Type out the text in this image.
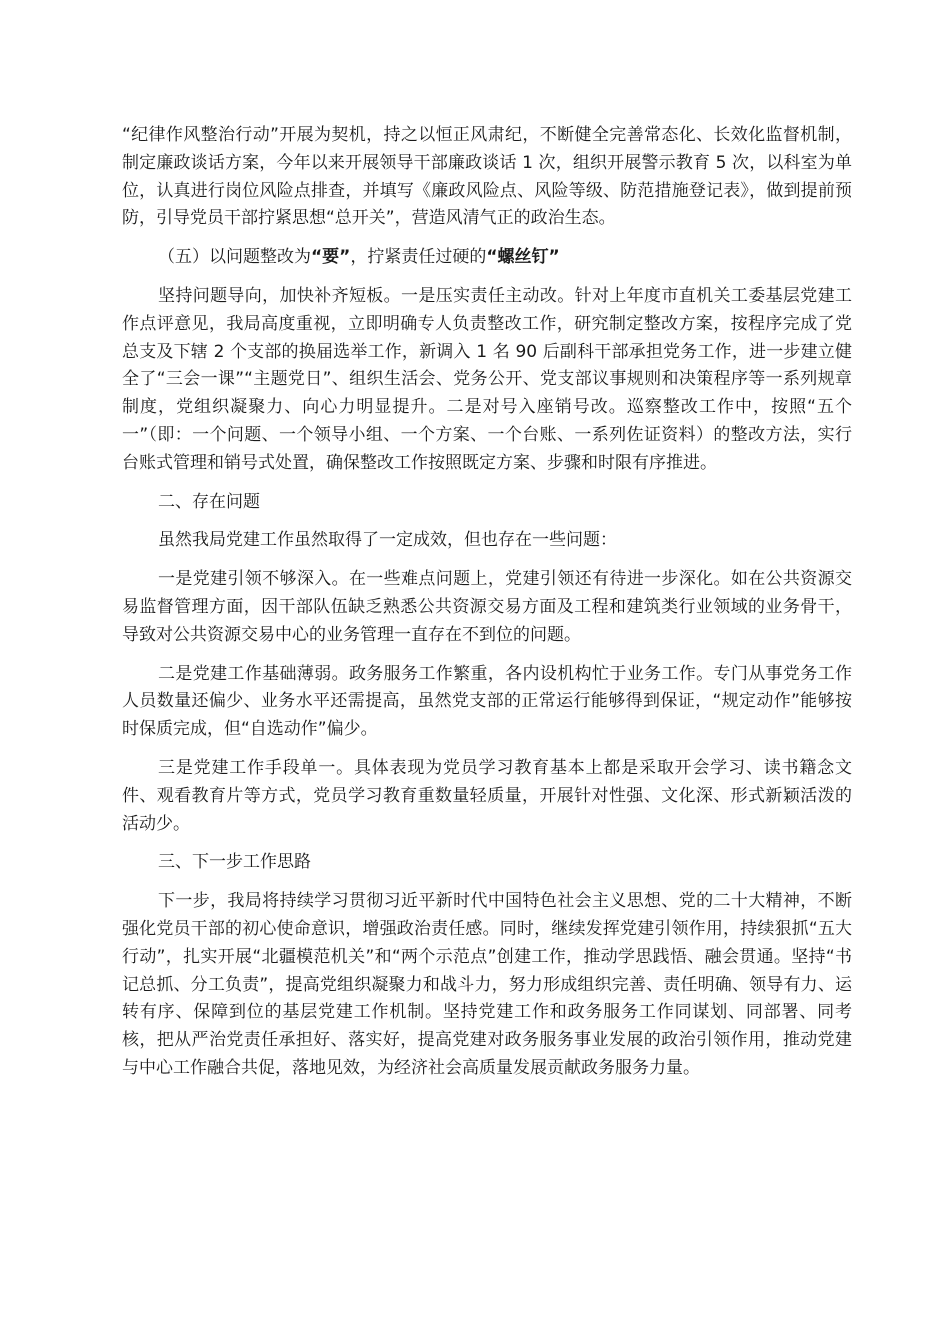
“纪律作风整治行动”开展为契机，持之以恒正风肃纪，不断健全完善常态化、长效化监督机制，制定廉政谈话方案，今年以来开展领导干部廉政谈话 1 次，组织开展警示教育 5 次，以科室为单位，认真进行岗位风险点排查，并填写《廉政风险点、风险等级、防范措施登记表》，做到提前预防，引导党员干部拧紧思想“总开关”，营造风清气正的政治生态。

（五）以问题整改为“要”，拧紧责任过硬的“螺丝钉”

坚持问题导向，加快补齐短板。一是压实责任主动改。针对上年度市直机关工委基层党建工作点评意见，我局高度重视，立即明确专人负责整改工作，研究制定整改方案，按程序完成了党总支及下辖 2 个支部的换届选举工作，新调入 1 名 90 后副科干部承担党务工作，进一步建立健全了“三会一课”“主题党日”、组织生活会、党务公开、党支部议事规则和决策程序等一系列规章制度，党组织凝聚力、向心力明显提升。二是对号入座销号改。巡察整改工作中，按照“五个一”（即：一个问题、一个领导小组、一个方案、一个台账、一系列佐证资料）的整改方法，实行台账式管理和销号式处置，确保整改工作按照既定方案、步骤和时限有序推进。

二、存在问题

虽然我局党建工作虽然取得了一定成效，但也存在一些问题：

一是党建引领不够深入。在一些难点问题上，党建引领还有待进一步深化。如在公共资源交易监督管理方面，因干部队伍缺乏熟悉公共资源交易方面及工程和建筑类行业领域的业务骨干，导致对公共资源交易中心的业务管理一直存在不到位的问题。

二是党建工作基础薄弱。政务服务工作繁重，各内设机构忙于业务工作。专门从事党务工作人员数量还偏少、业务水平还需提高，虽然党支部的正常运行能够得到保证，“规定动作”能够按时保质完成，但“自选动作”偏少。

三是党建工作手段单一。具体表现为党员学习教育基本上都是采取开会学习、读书籍念文件、观看教育片等方式，党员学习教育重数量轻质量，开展针对性强、文化深、形式新颖活泼的活动少。

三、下一步工作思路

下一步，我局将持续学习贯彻习近平新时代中国特色社会主义思想、党的二十大精神，不断强化党员干部的初心使命意识，增强政治责任感。同时，继续发挥党建引领作用，持续狠抓“五大行动”，扎实开展“北疆模范机关”和“两个示范点”创建工作，推动学思践悟、融会贯通。坚持“书记总抓、分工负责”，提高党组织凝聚力和战斗力，努力形成组织完善、责任明确、领导有力、运转有序、保障到位的基层党建工作机制。坚持党建工作和政务服务工作同谋划、同部署、同考核，把从严治党责任承担好、落实好，提高党建对政务服务事业发展的政治引领作用，推动党建与中心工作融合共促，落地见效，为经济社会高质量发展贡献政务服务力量。
